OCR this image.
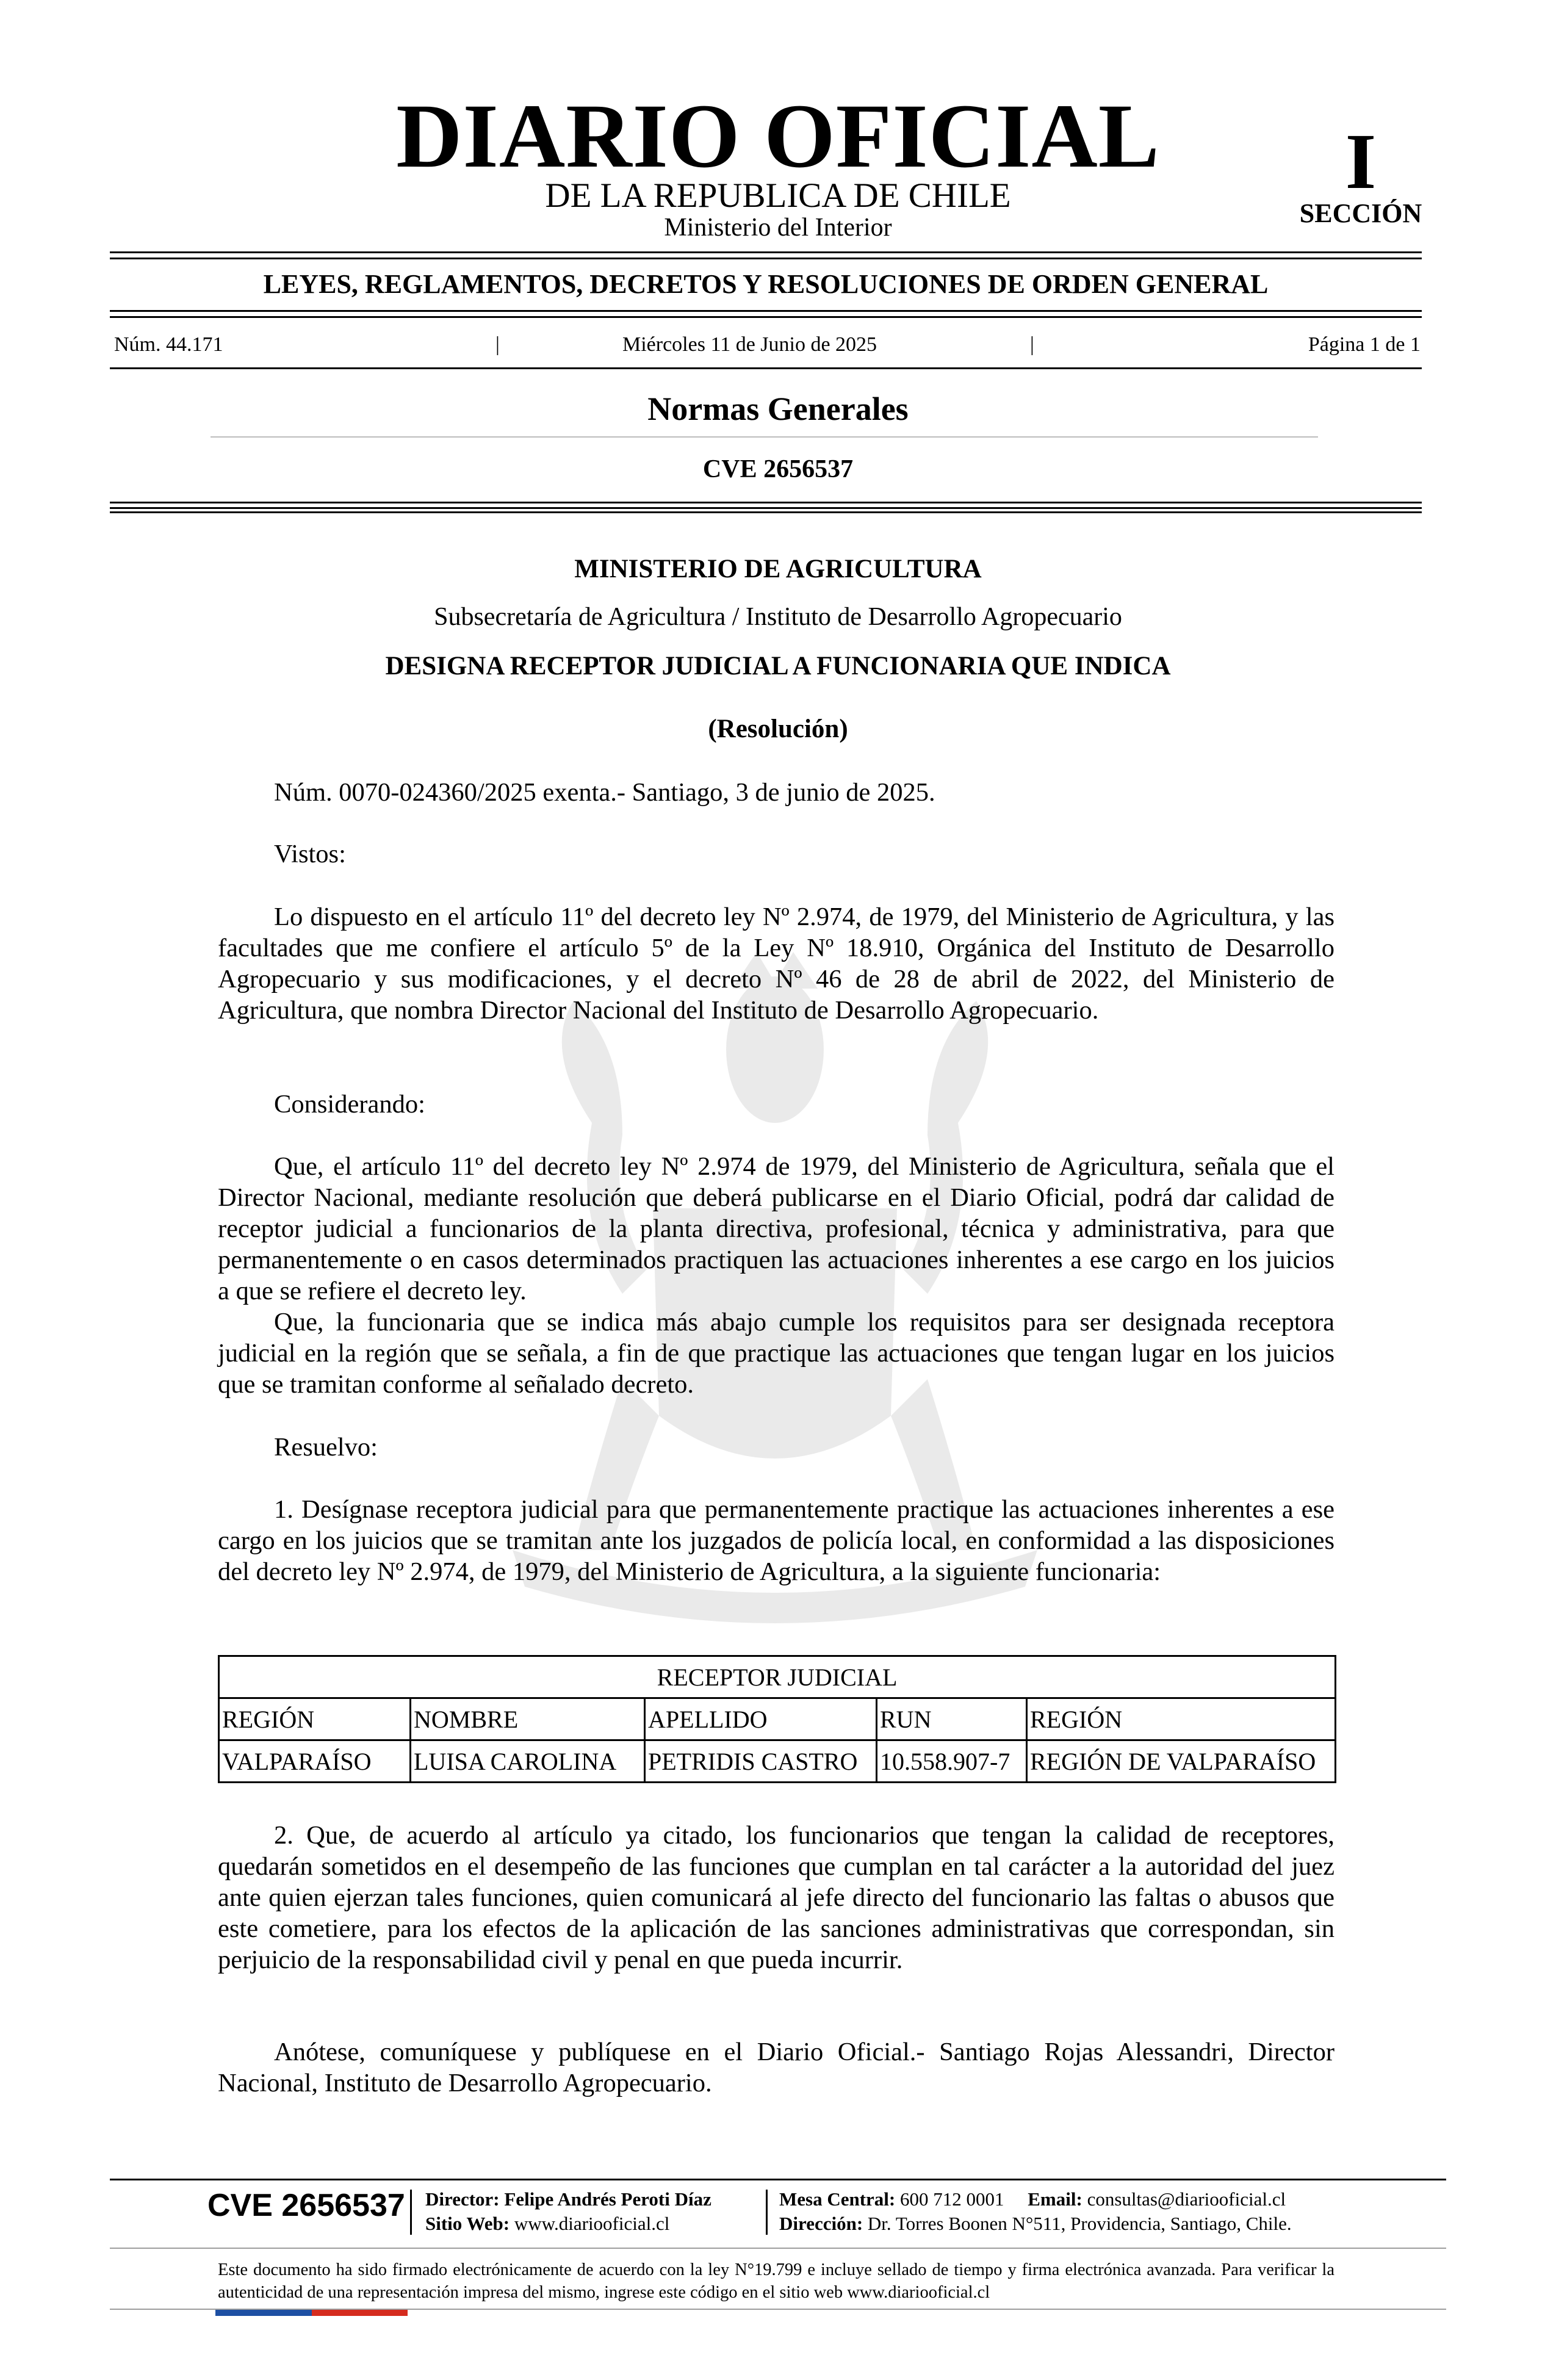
DIARIO OFICIAL
DE LA REPUBLICA DE CHILE
Ministerio del Interior
I
SECCIÓN
LEYES, REGLAMENTOS, DECRETOS Y RESOLUCIONES DE ORDEN GENERAL
Núm. 44.171	|	Miércoles 11 de Junio de 2025	|	Página 1 de 1
Normas Generales
CVE 2656537
MINISTERIO DE AGRICULTURA
Subsecretaría de Agricultura / Instituto de Desarrollo Agropecuario
DESIGNA RECEPTOR JUDICIAL A FUNCIONARIA QUE INDICA
(Resolución)

Núm. 0070-024360/2025 exenta.- Santiago, 3 de junio de 2025.

Vistos:

Lo dispuesto en el artículo 11º del decreto ley Nº 2.974, de 1979, del Ministerio de Agricultura, y las facultades que me confiere el artículo 5º de la Ley Nº 18.910, Orgánica del Instituto de Desarrollo Agropecuario y sus modificaciones, y el decreto Nº 46 de 28 de abril de 2022, del Ministerio de Agricultura, que nombra Director Nacional del Instituto de Desarrollo Agropecuario.

Considerando:

Que, el artículo 11º del decreto ley Nº 2.974 de 1979, del Ministerio de Agricultura, señala que el Director Nacional, mediante resolución que deberá publicarse en el Diario Oficial, podrá dar calidad de receptor judicial a funcionarios de la planta directiva, profesional, técnica y administrativa, para que permanentemente o en casos determinados practiquen las actuaciones inherentes a ese cargo en los juicios a que se refiere el decreto ley.

Que, la funcionaria que se indica más abajo cumple los requisitos para ser designada receptora judicial en la región que se señala, a fin de que practique las actuaciones que tengan lugar en los juicios que se tramitan conforme al señalado decreto.

Resuelvo:

1. Desígnase receptora judicial para que permanentemente practique las actuaciones inherentes a ese cargo en los juicios que se tramitan ante los juzgados de policía local, en conformidad a las disposiciones del decreto ley Nº 2.974, de 1979, del Ministerio de Agricultura, a la siguiente funcionaria:

RECEPTOR JUDICIAL				
REGIÓN	NOMBRE	APELLIDO	RUN	REGIÓN
VALPARAÍSO	LUISA CAROLINA	PETRIDIS CASTRO	10.558.907-7	REGIÓN DE VALPARAÍSO

2. Que, de acuerdo al artículo ya citado, los funcionarios que tengan la calidad de receptores, quedarán sometidos en el desempeño de las funciones que cumplan en tal carácter a la autoridad del juez ante quien ejerzan tales funciones, quien comunicará al jefe directo del funcionario las faltas o abusos que este cometiere, para los efectos de la aplicación de las sanciones administrativas que correspondan, sin perjuicio de la responsabilidad civil y penal en que pueda incurrir.

Anótese, comuníquese y publíquese en el Diario Oficial.- Santiago Rojas Alessandri, Director Nacional, Instituto de Desarrollo Agropecuario.

CVE 2656537 Director: Felipe Andrés Peroti Díaz
Sitio Web: www.diariooficial.cl
Mesa Central: 600 712 0001 Email: consultas@diariooficial.cl
Dirección: Dr. Torres Boonen N°511, Providencia, Santiago, Chile.
Este documento ha sido firmado electrónicamente de acuerdo con la ley N°19.799 e incluye sellado de tiempo y firma electrónica avanzada. Para verificar la autenticidad de una representación impresa del mismo, ingrese este código en el sitio web www.diariooficial.cl
